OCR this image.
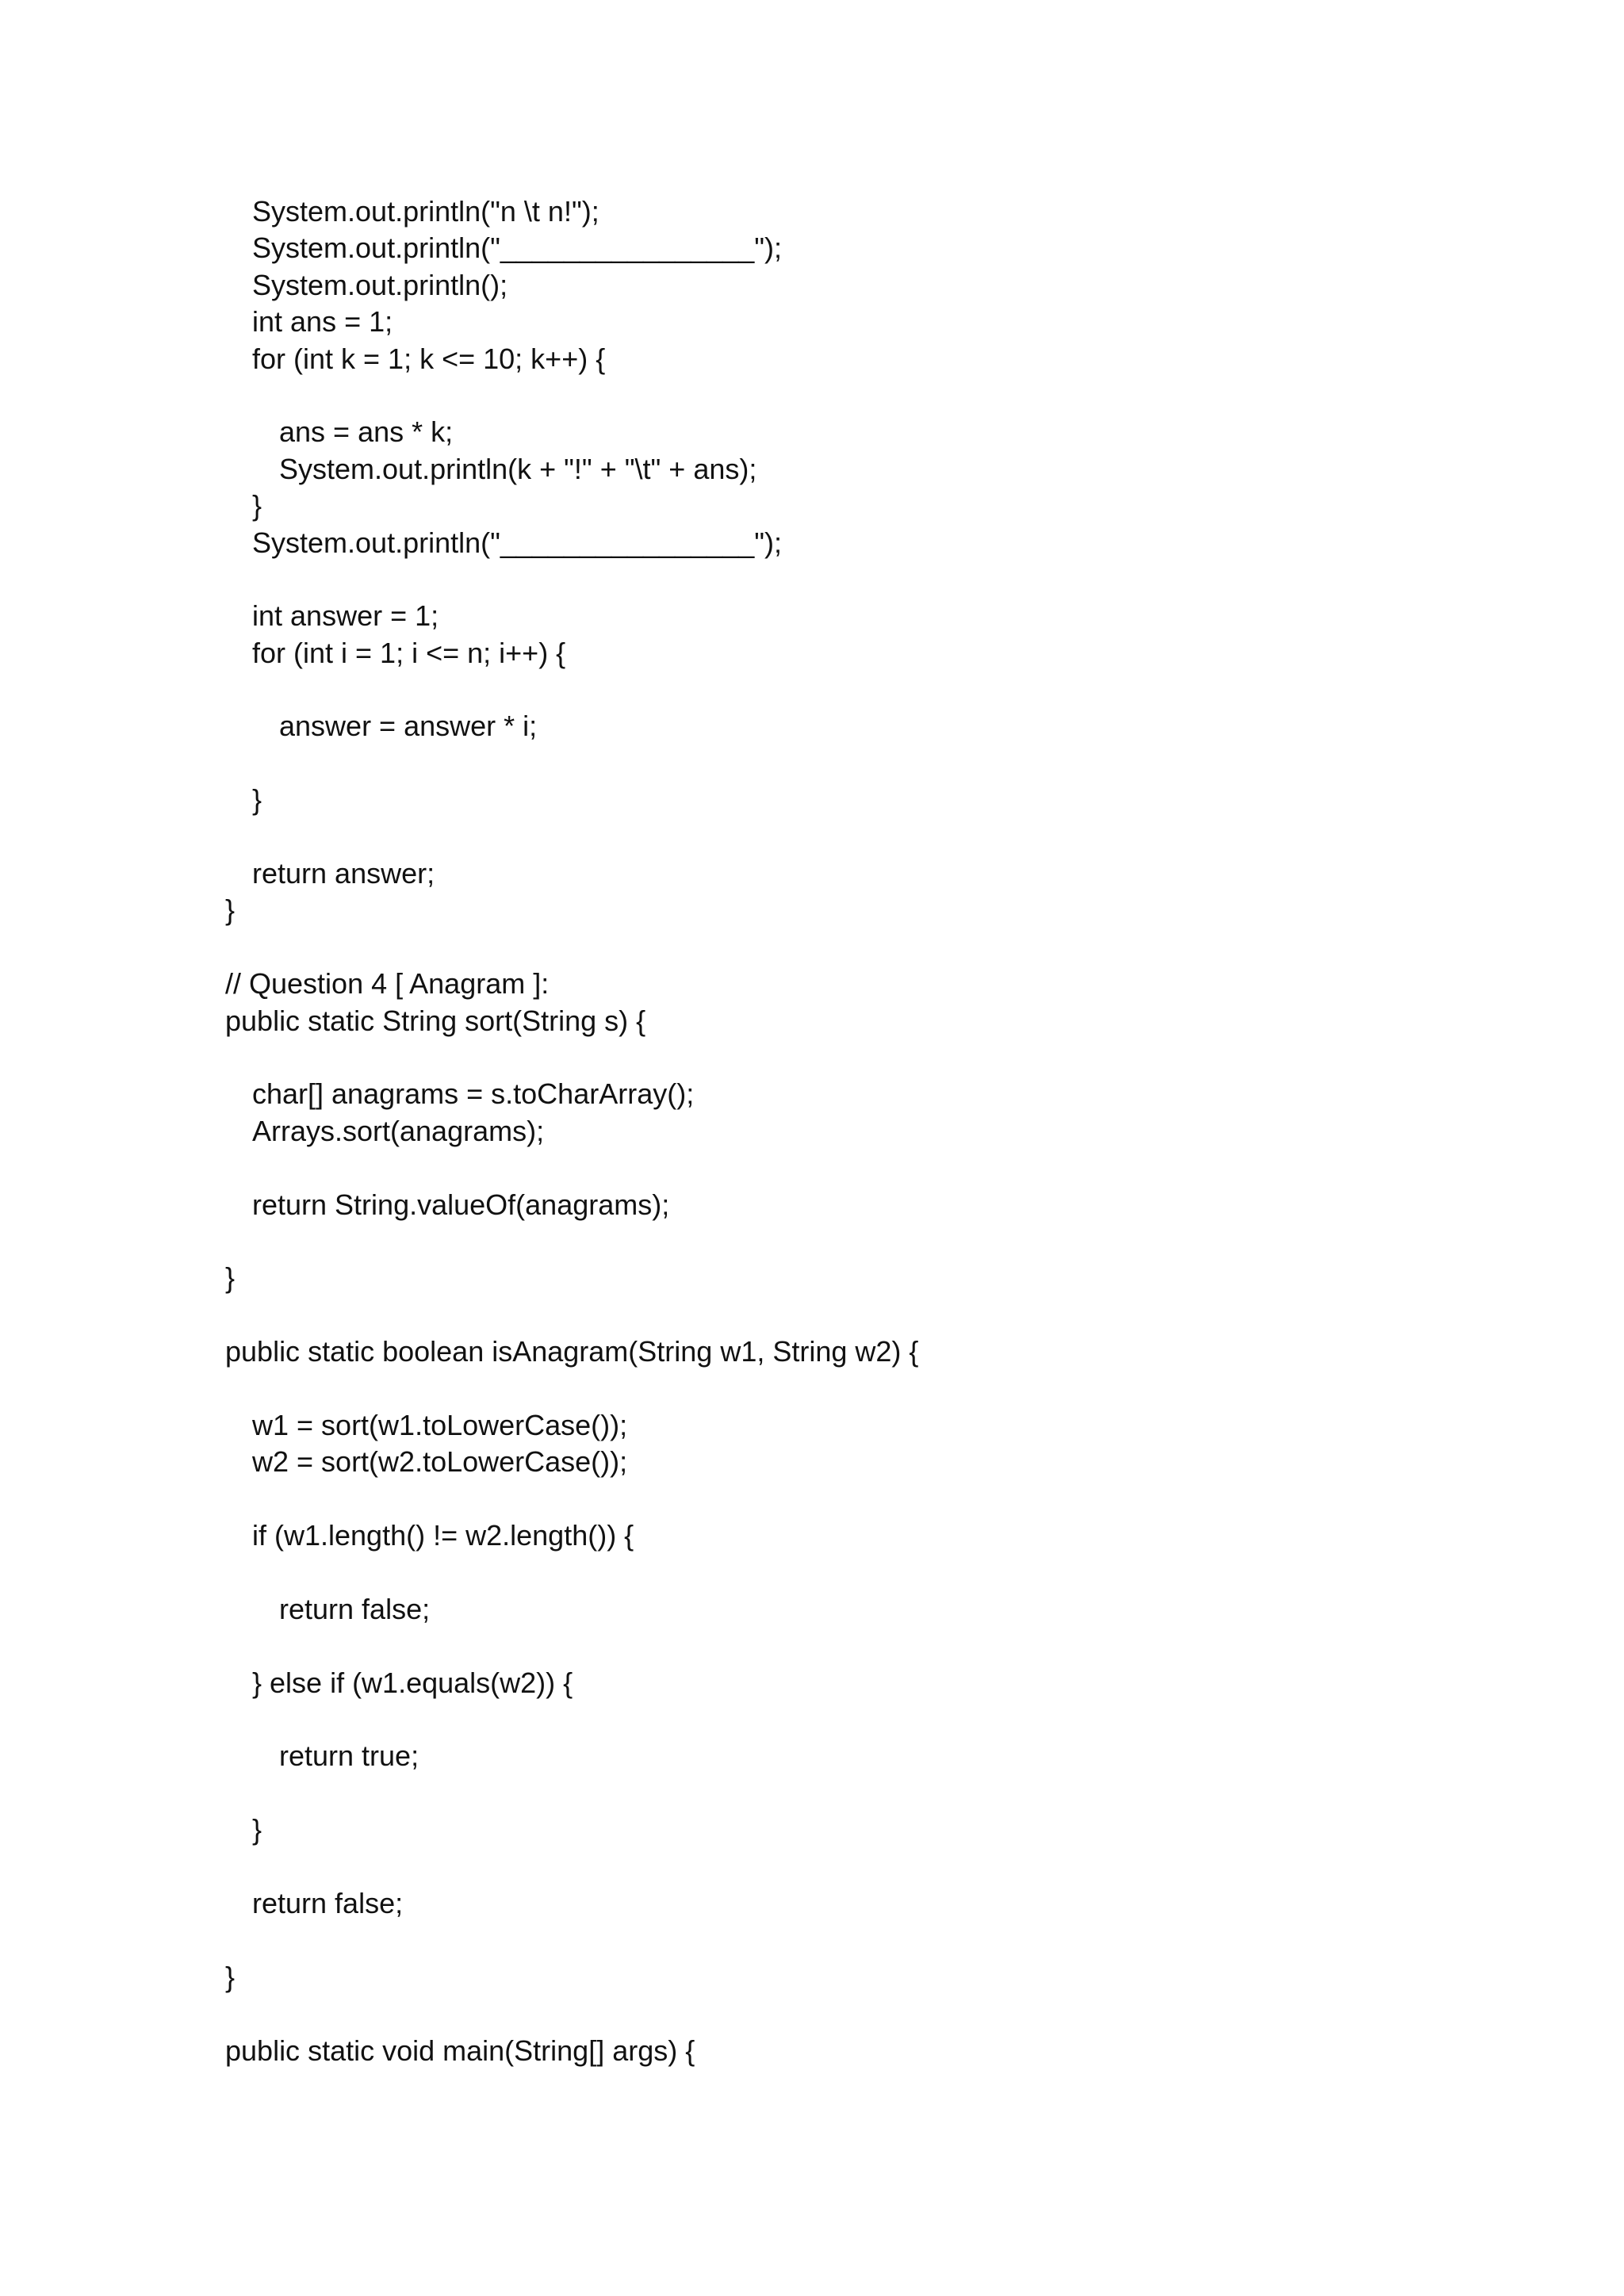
System.out.println("n \t n!");
System.out.println("________________");
System.out.println();
int ans = 1;
for (int k = 1; k <= 10; k++) {
ans = ans * k;
System.out.println(k + "!" + "\t" + ans);
}
System.out.println("________________");
int answer = 1;
for (int i = 1; i <= n; i++) {
answer = answer * i;
}
return answer;
}
// Question 4 [ Anagram ]:
public static String sort(String s) {
char[] anagrams = s.toCharArray();
Arrays.sort(anagrams);
return String.valueOf(anagrams);
}
public static boolean isAnagram(String w1, String w2) {
w1 = sort(w1.toLowerCase());
w2 = sort(w2.toLowerCase());
if (w1.length() != w2.length()) {
return false;
} else if (w1.equals(w2)) {
return true;
}
return false;
}
public static void main(String[] args) {
